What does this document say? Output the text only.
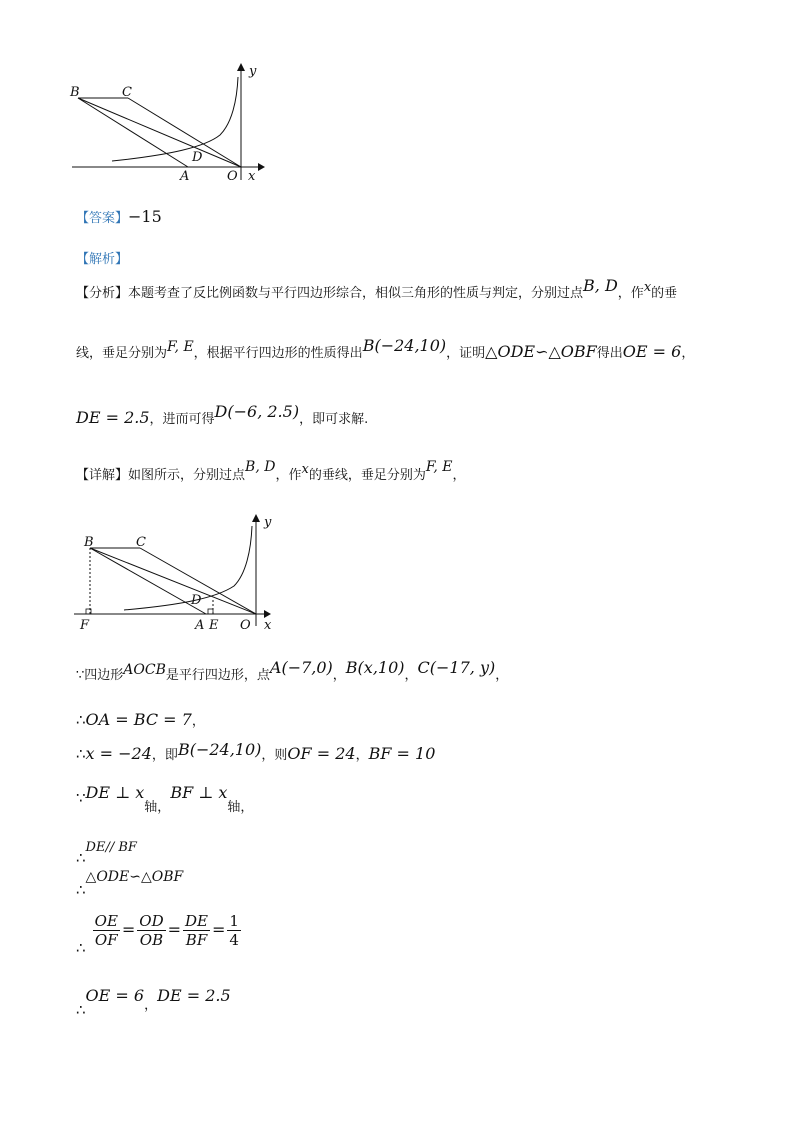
B	C
D
A	O x
y
【答案】−15
【解析】
【分析】本题考查了反比例函数与平行四边形综合，相似三角形的性质与判定，分别过点B, D，作$^x$的垂
线，垂足分别为F, E，根据平行四边形的性质得出B(−24,10)，证明△ODE∽△OBF得出OE = 6，
DE = 2.5，进而可得D(−6, 2.5)，即可求解.
【详解】如图所示，分别过点B, D，作$^x$的垂线，垂足分别为F, E，
B	C
D
F	A E O x
y
∵四边形AOCB是平行四边形，点A(−7,0)，B(x,10)，C(−17, y)，
∴OA = BC = 7，
∴x = −24，即B(−24,10)，则OF = 24，BF = 10
∵DE ⊥ $x_{轴,}BF$ ⊥ $x_{轴,}$
∴DE// BF
∴△ODE∽△OBF
∴ $\frac{OE}{OF} = \frac{OD}{OB} = \frac{DE}{BF} = \frac{1}{4}$
∴OE = $6_,DE = 2.5$
